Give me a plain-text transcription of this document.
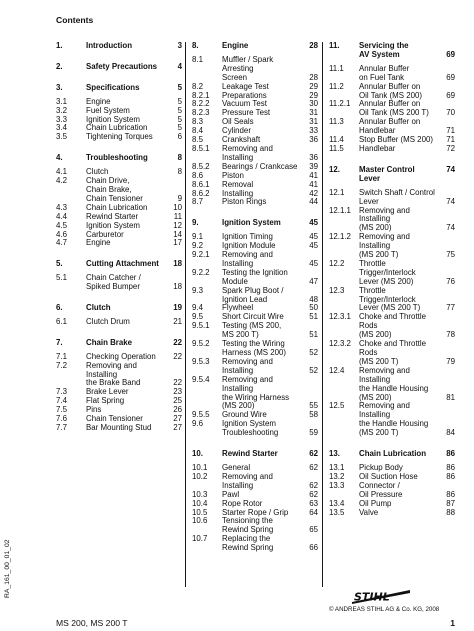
Contents
1.	Introduction	3
2.	Safety Precautions	4
3.	Specifications	5
3.1	Engine	5
3.2	Fuel System	5
3.3	Ignition System	5
3.4	Chain Lubrication	5
3.5	Tightening Torques	6
4.	Troubleshooting	8
4.1	Clutch	8
4.2	Chain Drive,
Chain Brake,
Chain Tensioner	9
4.3	Chain Lubrication	10
4.4	Rewind Starter	11
4.5	Ignition System	12
4.6	Carburetor	14
4.7	Engine	17
5.	Cutting Attachment	18
5.1	Chain Catcher /
Spiked Bumper	18
6.	Clutch	19
6.1	Clutch Drum	21
7.	Chain Brake	22
7.1	Checking Operation	22
7.2	Removing and Installing
the Brake Band	22
7.3	Brake Lever	23
7.4	Flat Spring	25
7.5	Pins	26
7.6	Chain Tensioner	27
7.7	Bar Mounting Stud	27
8.	Engine	28
8.1	Muffler / Spark Arresting
Screen	28
8.2	Leakage Test	29
8.2.1	Preparations	29
8.2.2	Vacuum Test	30
8.2.3	Pressure Test	31
8.3	Oil Seals	31
8.4	Cylinder	33
8.5	Crankshaft	36
8.5.1	Removing and
Installing	36
8.5.2	Bearings / Crankcase	39
8.6	Piston	41
8.6.1	Removal	41
8.6.2	Installing	42
8.7	Piston Rings	44
9.	Ignition System	45
9.1	Ignition Timing	45
9.2	Ignition Module	45
9.2.1	Removing and
Installing	45
9.2.2	Testing the Ignition
Module	47
9.3	Spark Plug Boot /
Ignition Lead	48
9.4	Flywheel	50
9.5	Short Circuit Wire	51
9.5.1	Testing (MS 200,
MS 200 T)	51
9.5.2	Testing the Wiring
Harness (MS 200)	52
9.5.3	Removing and
Installing	52
9.5.4	Removing and Installing
the Wiring Harness
(MS 200)	55
9.5.5	Ground Wire	58
9.6	Ignition System
Troubleshooting	59
10.	Rewind Starter	62
10.1	General	62
10.2	Removing and
Installing	62
10.3	Pawl	62
10.4	Rope Rotor	63
10.5	Starter Rope / Grip	64
10.6	Tensioning the
Rewind Spring	65
10.7	Replacing the
Rewind Spring	66
11.	Servicing the
AV System	69
11.1	Annular Buffer
on Fuel Tank	69
11.2	Annular Buffer on
Oil Tank (MS 200)	69
11.2.1	Annular Buffer on
Oil Tank (MS 200 T)	70
11.3	Annular Buffer on
Handlebar	71
11.4	Stop Buffer (MS 200)	71
11.5	Handlebar	72
12.	Master Control Lever
74
12.1	Switch Shaft / Control
Lever	74
12.1.1	Removing and Installing
(MS 200)	74
12.1.2	Removing and Installing
(MS 200 T)	75
12.2	Throttle Trigger/Interlock
Lever (MS 200)	76
12.3	Throttle Trigger/Interlock
Lever (MS 200 T)	77
12.3.1	Choke and Throttle Rods
(MS 200)	78
12.3.2	Choke and Throttle Rods
(MS 200 T)	79
12.4	Removing and Installing
the Handle Housing
(MS 200)	81
12.5	Removing and Installing
the Handle Housing
(MS 200 T)	84
13.	Chain Lubrication	86
13.1	Pickup Body	86
13.2	Oil Suction Hose	86
13.3	Connector /
Oil Pressure	86
13.4	Oil Pump	87
13.5	Valve	88
RA_161_00_01_02	STIHL
© ANDREAS STIHL AG & Co. KG, 2008
MS 200, MS 200 T	1
